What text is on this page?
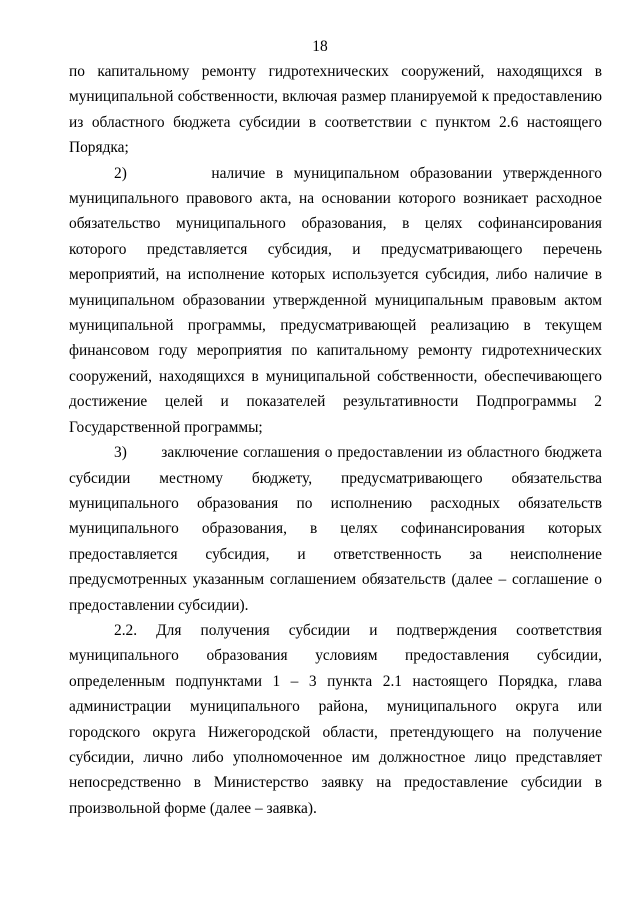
18

по капитальному ремонту гидротехнических сооружений, находящихся в муниципальной собственности, включая размер планируемой к предоставлению из областного бюджета субсидии в соответствии с пунктом 2.6 настоящего Порядка;

2)        наличие в муниципальном образовании утвержденного муниципального правового акта, на основании которого возникает расходное обязательство муниципального образования, в целях софинансирования которого представляется субсидия, и предусматривающего перечень мероприятий, на исполнение которых используется субсидия, либо наличие в муниципальном образовании утвержденной муниципальным правовым актом муниципальной программы, предусматривающей реализацию в текущем финансовом году мероприятия по капитальному ремонту гидротехнических сооружений, находящихся в муниципальной собственности, обеспечивающего достижение целей и показателей результативности Подпрограммы 2 Государственной программы;

3)       заключение соглашения о предоставлении из областного бюджета субсидии местному бюджету, предусматривающего обязательства муниципального образования по исполнению расходных обязательств муниципального образования, в целях софинансирования которых предоставляется субсидия, и ответственность за неисполнение предусмотренных указанным соглашением обязательств (далее – соглашение о предоставлении субсидии).

2.2. Для получения субсидии и подтверждения соответствия муниципального образования условиям предоставления субсидии, определенным подпунктами 1 – 3 пункта 2.1 настоящего Порядка, глава администрации муниципального района, муниципального округа или городского округа Нижегородской области, претендующего на получение субсидии, лично либо уполномоченное им должностное лицо представляет непосредственно в Министерство заявку на предоставление субсидии в произвольной форме (далее – заявка).
